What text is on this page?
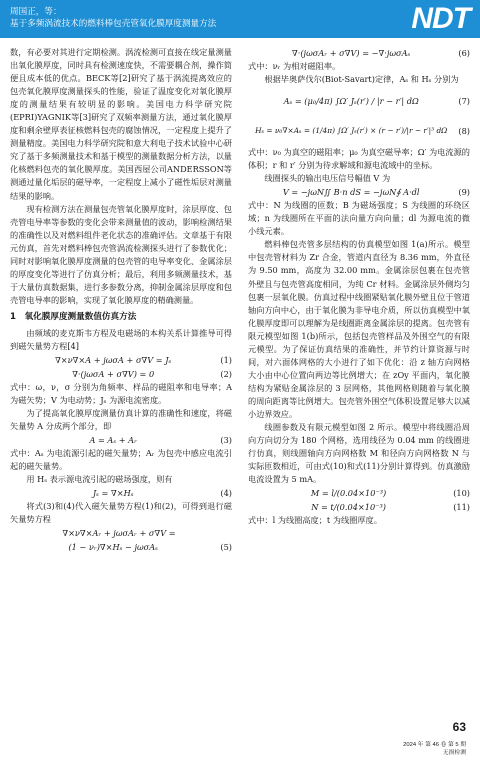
周国正，等：
基于多频涡流技术的燃料棒包壳管氧化膜厚度测量方法	NDT

数，有必要对其进行定期检测。涡流检测可直接在线定量测量出氧化膜厚度，同时具有检测速度快，不需要耦合剂，操作简便且成本低的优点。BECK等[2]研究了基于涡流提离效应的包壳氧化膜厚度测量探头的性能，验证了温度变化对氧化膜厚度的测量结果有较明显的影响。美国电力科学研究院(EPRI)YAGNIK等[3]研究了双频率测量方法，通过氧化膜厚度和剩余壁厚表征核燃料包壳的腐蚀情况，一定程度上提升了测量精度。美国电力科学研究院和意大利电子技术试验中心研究了基于多频测量技术和基于模型的测量数据分析方法，以量化核燃料包壳的氧化膜厚度。美国西屋公司ANDERSSON等测通过量化垢层的磁导率，一定程度上减小了磁性垢层对测量结果的影响。

现有检测方法在测量包壳管氧化膜厚度时，涂层厚度、包壳管电导率等参数的变化会带来测量值的波动，影响检测结果的准确性以及对燃料组件老化状态的准确评估。文章基于有限元仿真，首先对燃料棒包壳管涡流检测探头进行了参数优化；同时对影响氧化膜厚度测量的包壳管的电导率变化、金属涂层的厚度变化等进行了仿真分析；最后，利用多频测量技术，基于大量仿真数据集，进行多参数分离，抑制金属涂层厚度和包壳管电导率的影响，实现了氧化膜厚度的精确测量。

1　氧化膜厚度测量数值仿真方法

由频域的麦克斯韦方程及电磁场的本构关系计算推导可得到磁矢量势方程[4]

∇×ν∇×A + jωσA + σ∇V = Jₛ	(1)
∇·(jωσA + σ∇V) = 0	(2)

式中：ω，ν，σ 分别为角频率、样品的磁阻率和电导率；A 为磁矢势；V 为电动势；Jₛ 为源电流密度。

为了提高氧化膜厚度测量仿真计算的准确性和速度，将磁矢量势 A 分成两个部分，即

A = Aₛ + Aᵣ	(3)

式中：Aₛ 为电流源引起的磁矢量势；Aᵣ 为包壳中感应电流引起的磁矢量势。

用 Hₛ 表示源电流引起的磁场强度，则有

Jₛ = ∇×Hₛ	(4)

将式(3)和(4)代入磁矢量势方程(1)和(2)，可得到退行磁矢量势方程

∇×ν∇×Aᵣ + jωσAᵣ + σ∇V =
(1 − νᵣ)∇×Hₛ − jωσAₛ	(5)
∇·(jωσAᵣ + σ∇V) = −∇·jωσAₛ	(6)

式中：νᵣ 为相对磁阻率。

根据毕奥萨伐尔(Biot-Savart)定律，Aₛ 和 Hₛ 分别为

Aₛ = (μ₀/4π) ∫Ω′ Jₛ(r′) / |r − r′| dΩ	(7)
Hₛ = ν₀∇×Aₛ = (1/4π) ∫Ω′ Jₛ(r′) × (r − r′)/|r − r′|³ dΩ	(8)

式中：ν₀ 为真空的磁阻率；μ₀ 为真空磁导率；Ω′ 为电流源的体积；r 和 r′ 分别为待求解域和源电流域中的坐标。

线圈探头的输出电压信号幅值 V 为

V = −jωN∬ B·n dS = −jωN∮ A·dl	(9)

式中：N 为线圈的匝数；B 为磁场强度；S 为线圈的环绕区域；n 为线圈所在平面的法向量方向向量；dl 为源电流的微小线元素。

燃料棒包壳管多层结构的仿真模型如图 1(a)所示。模型中包壳管材料为 Zr 合金，管道内直径为 8.36 mm，外直径为 9.50 mm，高度为 32.00 mm。金属涂层包裹在包壳管外壁且与包壳管高度相同，为纯 Cr 材料。金属涂层外侧均匀包裹一层氧化膜。仿真过程中线圈紧贴氧化膜外壁且位于管道轴向方向中心，由于氧化膜为非导电介质，所以仿真模型中氧化膜厚度即可以理解为是线圈距离金属涂层的提离。包壳管有限元模型如图 1(b)所示，包括包壳管样品及外围空气的有限元模型。为了保证仿真结果的准确性，并节约计算资源与时间，对六面体网格的大小进行了如下优化：沿 z 轴方向网格大小由中心位置向两边等比例增大；在 zOy 平面内，氧化膜结构为紧贴金属涂层的 3 层网格，其他网格则随着与氧化膜的周向距离等比例增大。包壳管外围空气体积设置足够大以减小边界效应。

线圈参数及有限元模型如图 2 所示。模型中将线圈沿周向方向切分为 180 个网格，选用线径为 0.04 mm 的线圈进行仿真，则线圈轴向方向网格数 M 和径向方向网格数 N 与实际匝数相近，可由式(10)和式(11)分别计算得到。仿真激励电流设置为 5 mA。

M = l/(0.04×10⁻³)	(10)
N = t/(0.04×10⁻³)	(11)

式中：l 为线圈高度；t 为线圈厚度。

63
2024 年 第 46 卷 第 5 期
无损检测
